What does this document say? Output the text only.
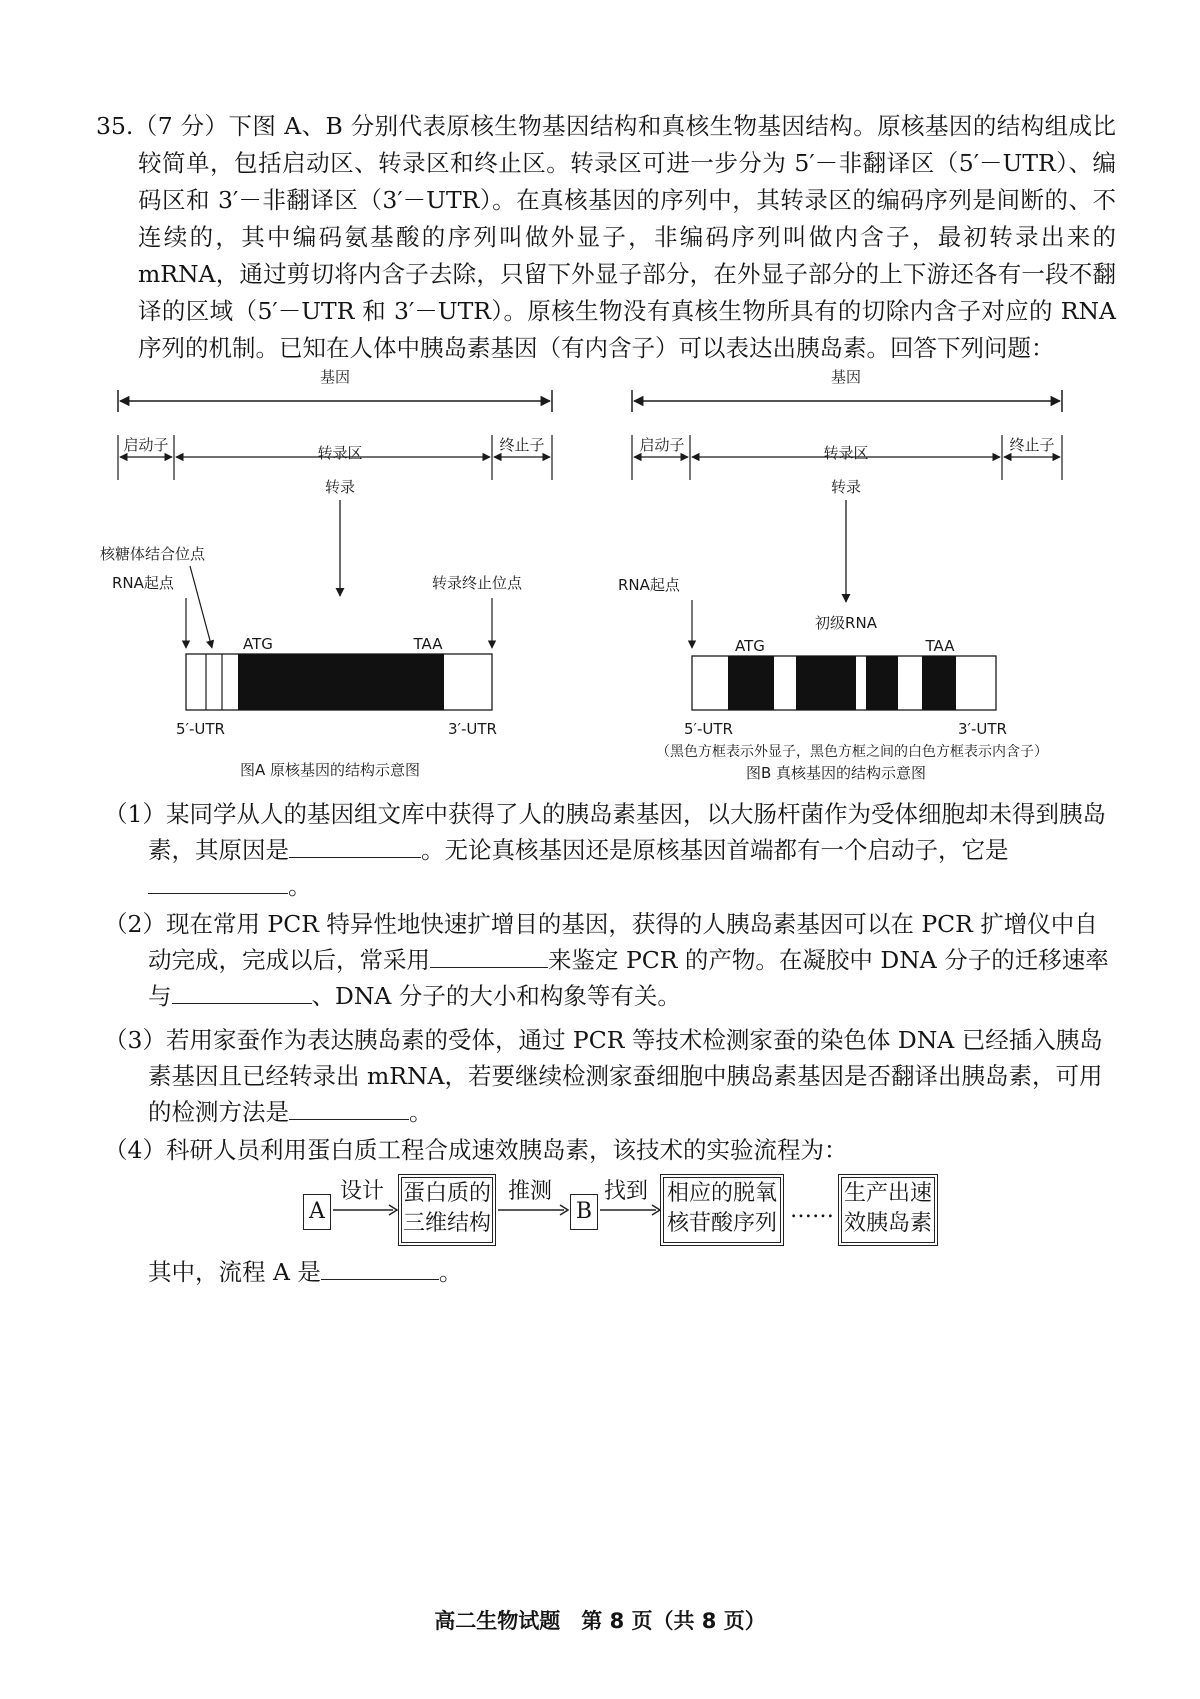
35.（7 分）下图 A、B 分别代表原核生物基因结构和真核生物基因结构。原核基因的结构组成比较简单，包括启动区、转录区和终止区。转录区可进一步分为 5′－非翻译区（5′－UTR）、编码区和 3′－非翻译区（3′－UTR）。在真核基因的序列中，其转录区的编码序列是间断的、不连续的，其中编码氨基酸的序列叫做外显子，非编码序列叫做内含子，最初转录出来的 mRNA，通过剪切将内含子去除，只留下外显子部分，在外显子部分的上下游还各有一段不翻译的区域（5′－UTR 和 3′－UTR）。原核生物没有真核生物所具有的切除内含子对应的 RNA 序列的机制。已知在人体中胰岛素基因（有内含子）可以表达出胰岛素。回答下列问题：

基因
启动子	转录区	终止子
转录
核糖体结合位点
RNA起点	转录终止位点
ATG	TAA
5′-UTR	3′-UTR
图A 原核基因的结构示意图
基因
启动子	转录区	终止子
转录
RNA起点
初级RNA
ATG	TAA
5′-UTR	3′-UTR
（黑色方框表示外显子，黑色方框之间的白色方框表示内含子）
图B 真核基因的结构示意图

（1）某同学从人的基因组文库中获得了人的胰岛素基因，以大肠杆菌作为受体细胞却未得到胰岛素，其原因是	。无论真核基因还是原核基因首端都有一个启动子，它是
。

（2）现在常用 PCR 特异性地快速扩增目的基因，获得的人胰岛素基因可以在 PCR 扩增仪中自动完成，完成以后，常采用	来鉴定 PCR 的产物。在凝胶中 DNA 分子的迁移速率与	、DNA 分子的大小和构象等有关。

（3）若用家蚕作为表达胰岛素的受体，通过 PCR 等技术检测家蚕的染色体 DNA 已经插入胰岛素基因且已经转录出 mRNA，若要继续检测家蚕细胞中胰岛素基因是否翻译出胰岛素，可用的检测方法是	。

（4）科研人员利用蛋白质工程合成速效胰岛素，该技术的实验流程为：

A
设计 蛋白质的
三维结构
推测
B
找到 相应的脱氧
核苷酸序列
……
生产出速
效胰岛素

其中，流程 A 是	。

高二生物试题　第 8 页（共 8 页）
